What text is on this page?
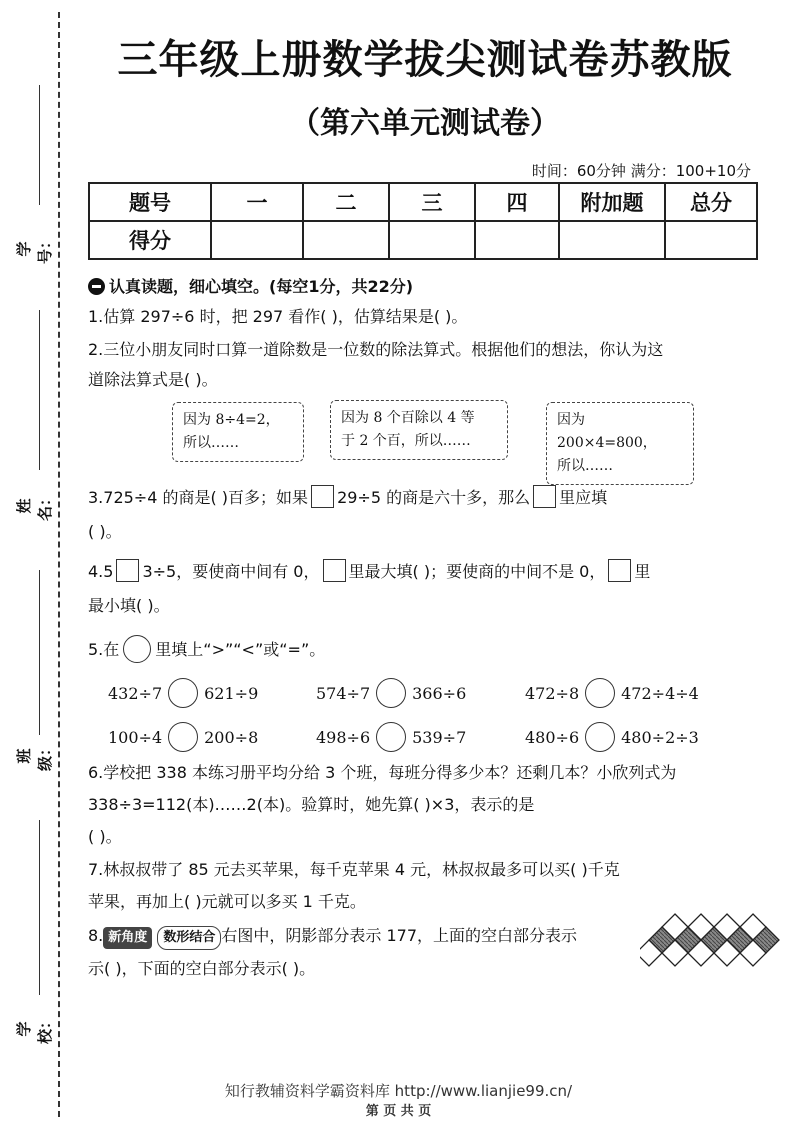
学号：
姓名：
班级：
学校：
三年级上册数学拔尖测试卷苏教版
（第六单元测试卷）
时间：60分钟 满分：100+10分
题号	一	二	三	四	附加题	总分
得分						
认真读题，细心填空。(每空1分，共22分)
1.估算 297÷6 时，把 297 看作( )，估算结果是( )。
2.三位小朋友同时口算一道除数是一位数的除法算式。根据他们的想法，你认为这
道除法算式是( )。
因为 8÷4=2，
所以……
因为 8 个百除以 4 等
于 2 个百，所以……
因为 200×4=800，
所以……
3.725÷4 的商是( )百多；如果 29÷5 的商是六十多，那么 里应填
( )。
4.5 3÷5，要使商中间有 0， 里最大填( )；要使商的中间不是 0， 里
最小填( )。
5.在 里填上“>”“<”或“=”。
432÷7	621÷9	574÷7	366÷6	472÷8	472÷4÷4
100÷4	200÷8	498÷6	539÷7	480÷6	480÷2÷3
6.学校把 338 本练习册平均分给 3 个班，每班分得多少本？还剩几本？小欣列式为
338÷3=112(本)……2(本)。验算时，她先算( )×3，表示的是
( )。
7.林叔叔带了 85 元去买苹果，每千克苹果 4 元，林叔叔最多可以买( )千克
苹果，再加上( )元就可以多买 1 千克。
8. 新角度 数形结合 右图中，阴影部分表示 177，上面的空白部分表示
示( )，下面的空白部分表示( )。
知行教辅资料学霸资料库 http://www.lianjie99.cn/
第 页 共 页
